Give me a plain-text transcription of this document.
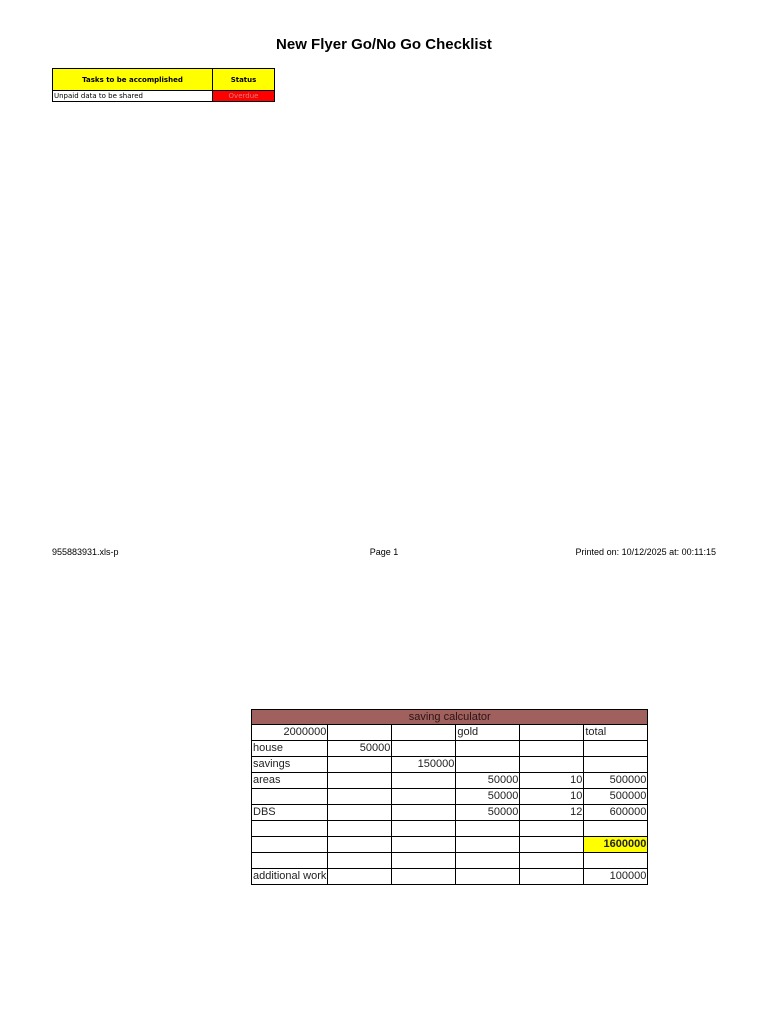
New Flyer Go/No Go Checklist
Tasks to be accomplished	Status
Unpaid data to be shared	Overdue
955883931.xls-p	Page 1	Printed on: 10/12/2025 at: 00:11:15
saving calculator					
2000000			gold		total
house	50000				
savings		150000			
areas			50000	10	500000
			50000	10	500000
DBS			50000	12	600000

					1600000

additional work					100000
